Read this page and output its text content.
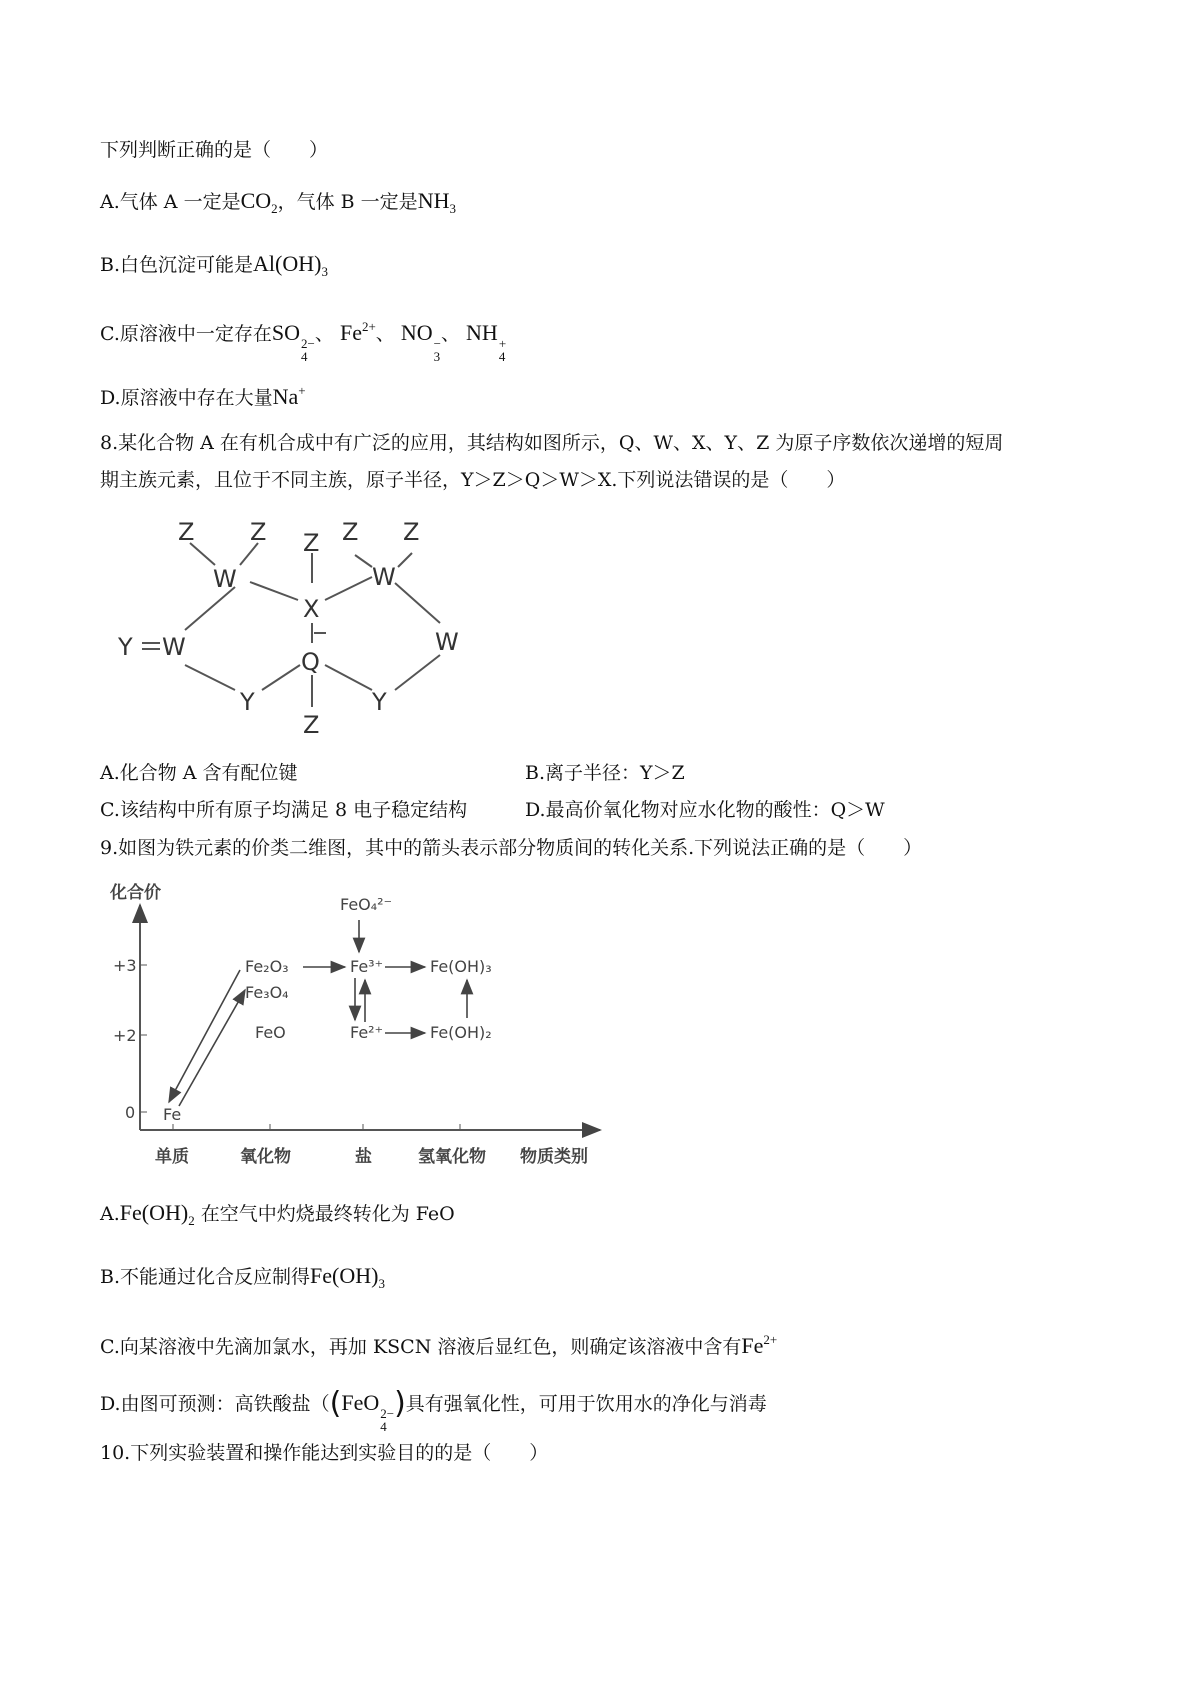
下列判断正确的是（　　）
A.气体 A 一定是$CO_2$，气体 B 一定是$NH_3$
B.白色沉淀可能是$Al(OH)_3$
C.原溶液中一定存在SO 2−
4
、 $Fe^{2+}$、 NO −
3
、 NH +
4
D.原溶液中存在大量Na+
8.某化合物 A 在有机合成中有广泛的应用，其结构如图所示，Q、W、X、Y、Z 为原子序数依次递增的短周
期主族元素，且位于不同主族，原子半径，Y＞Z＞Q＞W＞X.下列说法错误的是（　　）
Z Z Z Z Z
W
X
W
Y W	W
Q
Y	Y
Z
A.化合物 A 含有配位键	B.离子半径：Y＞Z
C.该结构中所有原子均满足 8 电子稳定结构	D.最高价氧化物对应水化物的酸性：Q＞W
9.如图为铁元素的价类二维图，其中的箭头表示部分物质间的转化关系.下列说法正确的是（　　）
化合价
物质类别
+3
+2
0
单质	氧化物	盐	氢氧化物
Fe
Fe₂O₃
Fe₃O₄
FeO
FeO₄²⁻
Fe³⁺
Fe²⁺
Fe(OH)₃
Fe(OH)₂
$A.Fe(OH)_2$ 在空气中灼烧最终转化为 FeO
B.不能通过化合反应制得$Fe(OH)_3$
C.向某溶液中先滴加氯水，再加 KSCN 溶液后显红色，则确定该溶液中含有$Fe^{2+}$
D.由图可预测：高铁酸盐（(FeO 2−
4
)具有强氧化性，可用于饮用水的净化与消毒
10.下列实验装置和操作能达到实验目的的是（　　）
